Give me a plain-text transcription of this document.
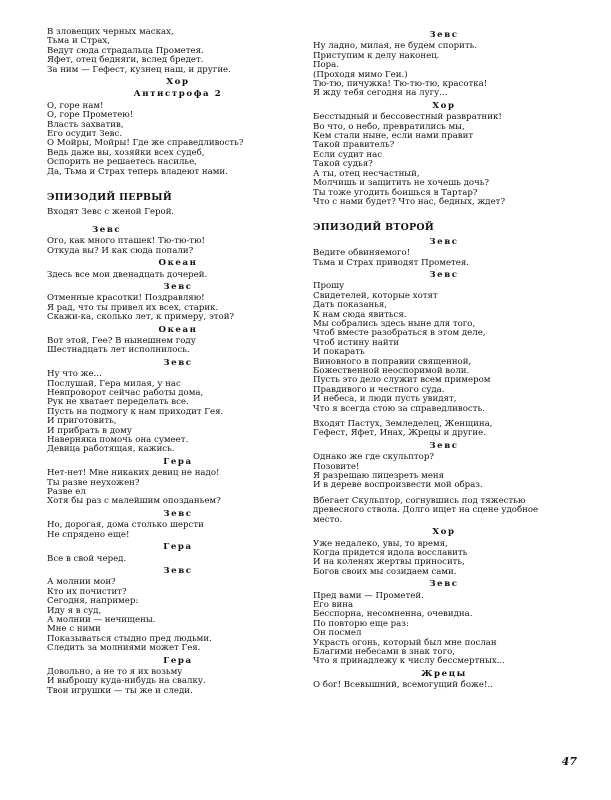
В зловещих черных масках,
Тьма и Страх,
Ведут сюда страдальца Прометея.
Яфет, отец бедняги, вслед бредет.
За ним — Гефест, кузнец наш, и другие.
Хор
Антистрофа 2
О, горе нам!
О, горе Прометею!
Власть захватив,
Его осудит Зевс.
О Мойры, Мойры! Где же справедливость?
Ведь даже вы, хозяйки всех судеб,
Оспорить не решаетесь насилье,
Да, Тьма и Страх теперь владеют нами.
ЭПИЗОДИЙ ПЕРВЫЙ
Входят Зевс с женой Герой.
Зевс
Ого, как много пташек! Тю-тю-тю!
Откуда вы? И как сюда попали?
Океан
Здесь все мои двенадцать дочерей.
Зевс
Отменные красотки! Поздравляю!
Я рад, что ты привел их всех, старик.
Скажи-ка, сколько лет, к примеру, этой?
Океан
Вот этой, Гее? В нынешнем году
Шестнадцать лет исполнилось.
Зевс
Ну что же...
Послушай, Гера милая, у нас
Невпроворот сейчас работы дома,
Рук не хватает переделать все.
Пусть на подмогу к нам приходит Гея.
И приготовить,
И прибрать в дому
Наверняка помочь она сумеет.
Девица работящая, кажись.
Гера
Нет-нет! Мне никаких девиц не надо!
Ты разве неухожен?
Разве ел
Хотя бы раз с малейшим опозданьем?
Зевс
Но, дорогая, дома столько шерсти
Не спрядено еще!
Гера
Все в свой черед.
Зевс
А молнии мои?
Кто их почистит?
Сегодня, например:
Иду я в суд,
А молнии — нечищены.
Мне с ними
Показываться стыдно пред людьми.
Следить за молниями может Гея.
Гера
Довольно, а не то я их возьму
И выброшу куда-нибудь на свалку.
Твои игрушки — ты же и следи.
Зевс
Ну ладно, милая, не будем спорить.
Приступим к делу наконец.
Пора.
(Проходя мимо Геи.)
Тю-тю, пичужка! Тю-тю-тю, красотка!
Я жду тебя сегодня на лугу...
Хор
Бесстыдный и бессовестный развратник!
Во что, о небо, превратились мы,
Кем стали ныне, если нами правит
Такой правитель?
Если судит нас
Такой судья?
А ты, отец несчастный,
Молчишь и защитить не хочешь дочь?
Ты тоже угодить боишься в Тартар?
Что с нами будет? Что нас, бедных, ждет?
ЭПИЗОДИЙ ВТОРОЙ
Зевс
Ведите обвиняемого!
Тьма и Страх приводят Прометея.
Зевс
Прошу
Свидетелей, которые хотят
Дать показанья,
К нам сюда явиться.
Мы собрались здесь ныне для того,
Чтоб вместе разобраться в этом деле,
Чтоб истину найти
И покарать
Виновного в поправии священной,
Божественной неоспоримой воли.
Пусть это дело служит всем примером
Правдивого и честного суда.
И небеса, и люди пусть увидят,
Что я всегда стою за справедливость.
Входят Пастух, Земледелец, Женщина,
Гефест, Яфет, Инах, Жрецы и другие.
Зевс
Однако же где скульптор?
Позовите!
Я разрешаю лицезреть меня
И в дереве воспроизвести мой образ.
Вбегает Скульптор, согнувшись под тяжестью
древесного ствола. Долго ищет на сцене удобное
место.
Хор
Уже недалеко, увы, то время,
Когда придется идола восславить
И на коленях жертвы приносить,
Богов своих мы созидаем сами.
Зевс
Пред вами — Прометей.
Его вина
Бесспорна, несомненна, очевидна.
По повторю еще раз:
Он посмел
Украсть огонь, который был мне послан
Благими небесами в знак того,
Что я принадлежу к числу бессмертных...
Жрецы
О бог! Всевышний, всемогущий боже!..
47
